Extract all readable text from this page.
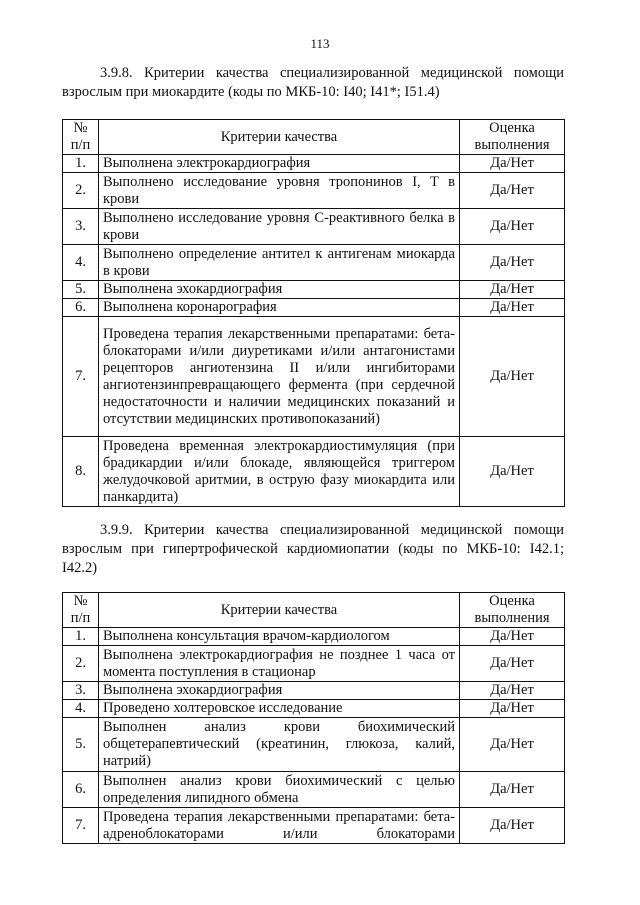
113
3.9.8. Критерии качества специализированной медицинской помощи взрослым при миокардите (коды по МКБ-10: I40; I41*; I51.4)
№ п/п	Критерии качества	Оценка выполнения
1.	Выполнена электрокардиография	Да/Нет
2.	Выполнено исследование уровня тропонинов I, T в крови	Да/Нет
3.	Выполнено исследование уровня С-реактивного белка в крови	Да/Нет
4.	Выполнено определение антител к антигенам миокарда в крови	Да/Нет
5.	Выполнена эхокардиография	Да/Нет
6.	Выполнена коронарография	Да/Нет
7.	Проведена терапия лекарственными препаратами: бета-блокаторами и/или диуретиками и/или антагонистами рецепторов ангиотензина II и/или ингибиторами ангиотензинпревращающего фермента (при сердечной недостаточности и наличии медицинских показаний и отсутствии медицинских противопоказаний)	Да/Нет
8.	Проведена временная электрокардиостимуляция (при брадикардии и/или блокаде, являющейся триггером желудочковой аритмии, в острую фазу миокардита или панкардита)	Да/Нет
3.9.9. Критерии качества специализированной медицинской помощи взрослым при гипертрофической кардиомиопатии (коды по МКБ-10: I42.1; I42.2)
№ п/п	Критерии качества	Оценка выполнения
1.	Выполнена консультация врачом-кардиологом	Да/Нет
2.	Выполнена электрокардиография не позднее 1 часа от момента поступления в стационар	Да/Нет
3.	Выполнена эхокардиография	Да/Нет
4.	Проведено холтеровское исследование	Да/Нет
5.	Выполнен анализ крови биохимический общетерапевтический (креатинин, глюкоза, калий, натрий)	Да/Нет
6.	Выполнен анализ крови биохимический с целью определения липидного обмена	Да/Нет
7.	Проведена терапия лекарственными препаратами: бета-адреноблокаторами и/или блокаторами	Да/Нет
